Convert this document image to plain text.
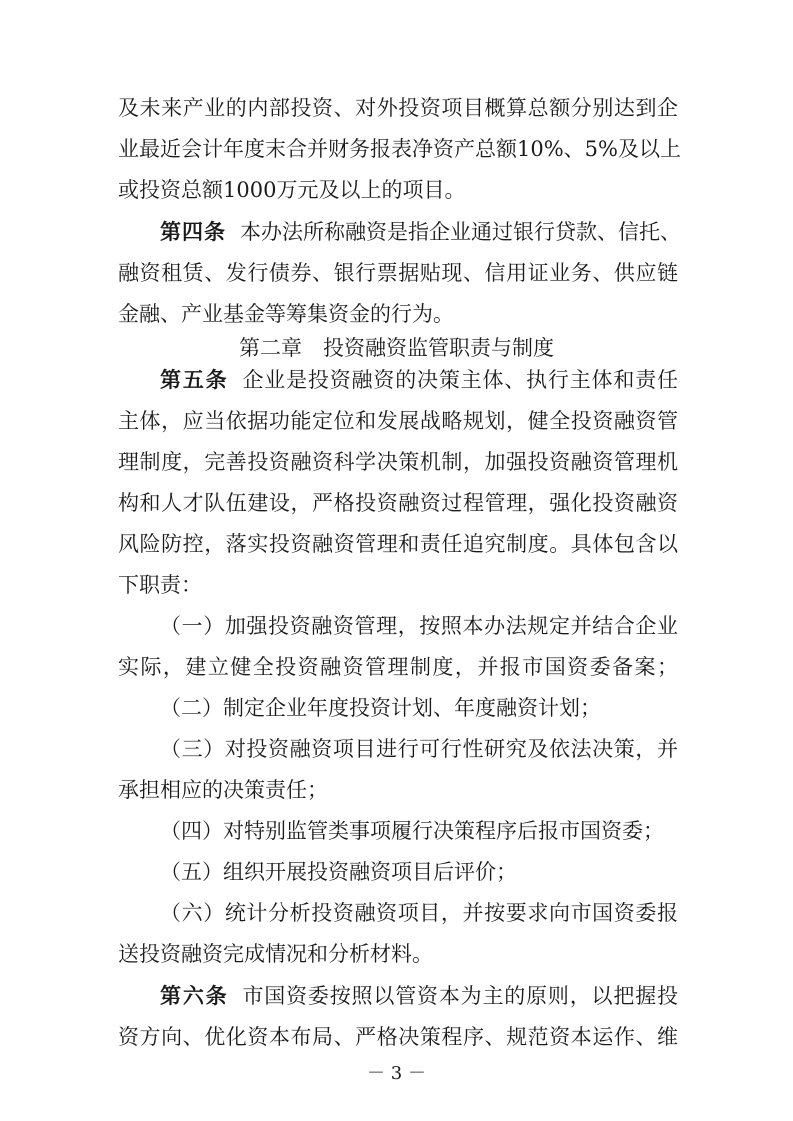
及未来产业的内部投资、对外投资项目概算总额分别达到企
业最近会计年度末合并财务报表净资产总额10%、5%及以上
或投资总额1000万元及以上的项目。
第四条 本办法所称融资是指企业通过银行贷款、信托、
融资租赁、发行债券、银行票据贴现、信用证业务、供应链
金融、产业基金等筹集资金的行为。
第二章　投资融资监管职责与制度
第五条 企业是投资融资的决策主体、执行主体和责任
主体，应当依据功能定位和发展战略规划，健全投资融资管
理制度，完善投资融资科学决策机制，加强投资融资管理机
构和人才队伍建设，严格投资融资过程管理，强化投资融资
风险防控，落实投资融资管理和责任追究制度。具体包含以
下职责：
（一）加强投资融资管理，按照本办法规定并结合企业
实际，建立健全投资融资管理制度，并报市国资委备案；
（二）制定企业年度投资计划、年度融资计划；
（三）对投资融资项目进行可行性研究及依法决策，并
承担相应的决策责任；
（四）对特别监管类事项履行决策程序后报市国资委；
（五）组织开展投资融资项目后评价；
（六）统计分析投资融资项目，并按要求向市国资委报
送投资融资完成情况和分析材料。
－ 3 －
第六条 市国资委按照以管资本为主的原则，以把握投
资方向、优化资本布局、严格决策程序、规范资本运作、维
